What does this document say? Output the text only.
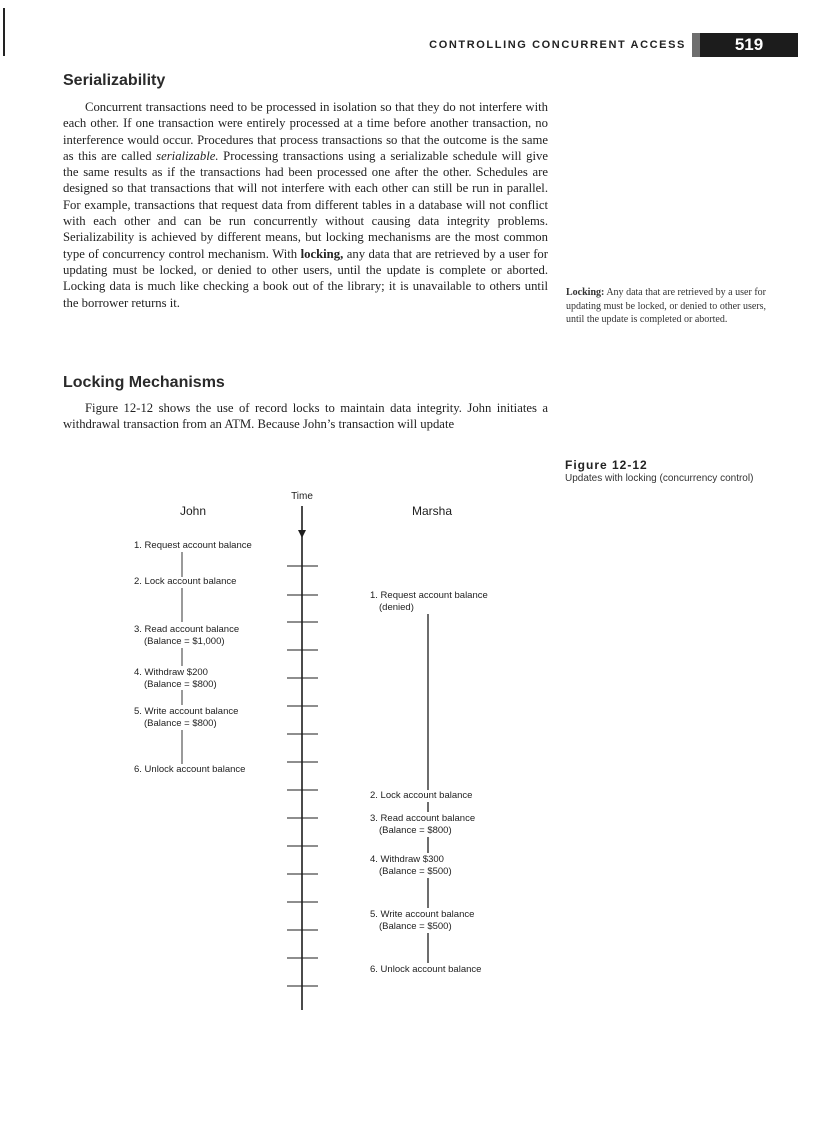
CONTROLLING CONCURRENT ACCESS	519
Serializability

Concurrent transactions need to be processed in isolation so that they do not interfere with each other. If one transaction were entirely processed at a time before another transaction, no interference would occur. Procedures that process transactions so that the outcome is the same as this are called serializable. Processing transactions using a serializable schedule will give the same results as if the transactions had been processed one after the other. Schedules are designed so that transactions that will not interfere with each other can still be run in parallel. For example, transactions that request data from different tables in a database will not conflict with each other and can be run concurrently without causing data integrity problems. Serializability is achieved by different means, but locking mechanisms are the most common type of concurrency control mechanism. With locking, any data that are retrieved by a user for updating must be locked, or denied to other users, until the update is complete or aborted. Locking data is much like checking a book out of the library; it is unavailable to others until the borrower returns it.

Locking: Any data that are retrieved by a user for updating must be locked, or denied to other users, until the update is completed or aborted.
Locking Mechanisms

Figure 12-12 shows the use of record locks to maintain data integrity. John initiates a withdrawal transaction from an ATM. Because John’s transaction will update

Figure 12-12
Updates with locking (concurrency control)
Time
John	Marsha
1. Request account balance
2. Lock account balance
3. Read account balance
(Balance = $1,000)
4. Withdraw $200
(Balance = $800)
5. Write account balance
(Balance = $800)
6. Unlock account balance
1. Request account balance
(denied)
2. Lock account balance
3. Read account balance
(Balance = $800)
4. Withdraw $300
(Balance = $500)
5. Write account balance
(Balance = $500)
6. Unlock account balance
